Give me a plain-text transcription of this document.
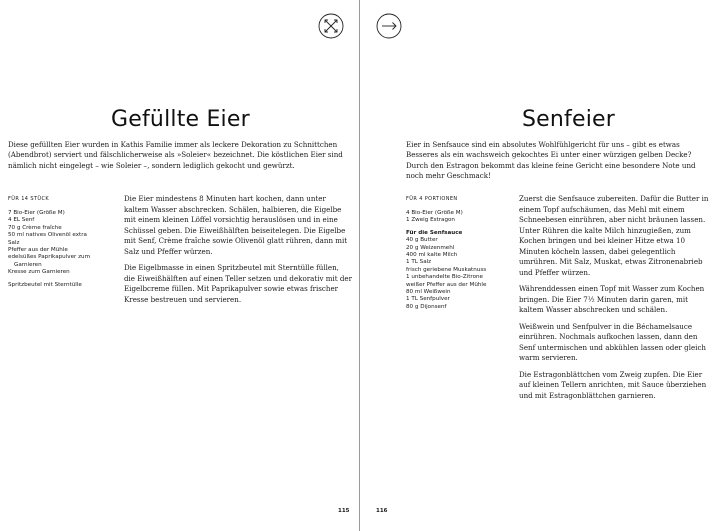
Gefüllte Eier
Diese gefüllten Eier wurden in Kathis Familie immer als leckere Dekoration zu Schnittchen (Abendbrot) serviert und fälschlicherweise als »Soleier« bezeichnet. Die köstlichen Eier sind nämlich nicht eingelegt – wie Soleier –, sondern lediglich gekocht und gewürzt.
FÜR 14 STÜCK
7 Bio-Eier (Größe M)
4 EL Senf
70 g Crème fraîche
50 ml natives Olivenöl extra
Salz
Pfeffer aus der Mühle
edelsüßes Paprikapulver zum
Garnieren
Kresse zum Garnieren
Spritzbeutel mit Sterntülle

Die Eier mindestens 8 Minuten hart kochen, dann unter kaltem Wasser abschrecken. Schälen, halbieren, die Eigelbe mit einem kleinen Löffel vorsichtig herauslösen und in eine Schüssel geben. Die Eiweißhälften beiseitelegen. Die Eigelbe mit Senf, Crème fraîche sowie Olivenöl glatt rühren, dann mit Salz und Pfeffer würzen.

Die Eigelbmasse in einen Spritzbeutel mit Sterntülle füllen, die Eiweißhälften auf einen Teller setzen und dekorativ mit der Eigelbcreme füllen. Mit Paprikapulver sowie etwas frischer Kresse bestreuen und servieren.

115
Senfeier
Eier in Senfsauce sind ein absolutes Wohlfühlgericht für uns – gibt es etwas Besseres als ein wachsweich gekochtes Ei unter einer würzigen gelben Decke? Durch den Estragon bekommt das kleine feine Gericht eine besondere Note und noch mehr Geschmack!
FÜR 4 PORTIONEN
4 Bio-Eier (Größe M)
1 Zweig Estragon
Für die Senfsauce
40 g Butter
20 g Weizenmehl
400 ml kalte Milch
1 TL Salz
frisch geriebene Muskatnuss
1 unbehandelte Bio-Zitrone
weißer Pfeffer aus der Mühle
80 ml Weißwein
1 TL Senfpulver
80 g Dijonsenf

Zuerst die Senfsauce zubereiten. Dafür die Butter in einem Topf aufschäumen, das Mehl mit einem Schneebesen einrühren, aber nicht bräunen lassen. Unter Rühren die kalte Milch hinzugießen, zum Kochen bringen und bei kleiner Hitze etwa 10 Minuten köcheln lassen, dabei gelegentlich umrühren. Mit Salz, Muskat, etwas Zitronenabrieb und Pfeffer würzen.

Währenddessen einen Topf mit Wasser zum Kochen bringen. Die Eier 7½ Minuten darin garen, mit kaltem Wasser abschrecken und schälen.

Weißwein und Senfpulver in die Béchamelsauce einrühren. Nochmals aufkochen lassen, dann den Senf untermischen und abkühlen lassen oder gleich warm servieren.

Die Estragonblättchen vom Zweig zupfen. Die Eier auf kleinen Tellern anrichten, mit Sauce überziehen und mit Estragonblättchen garnieren.

116
